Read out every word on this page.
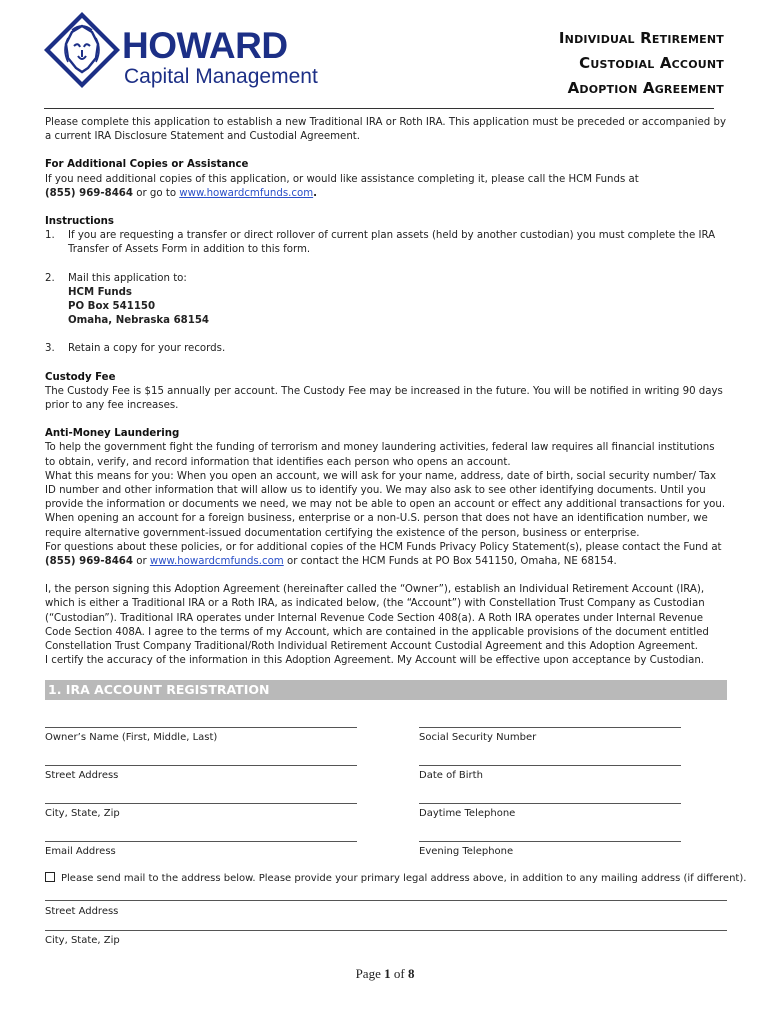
HOWARD
Capital Management
Individual Retirement
Custodial Account
Adoption Agreement

Please complete this application to establish a new Traditional IRA or Roth IRA. This application must be preceded or accompanied by a current IRA Disclosure Statement and Custodial Agreement.

For Additional Copies or Assistance

If you need additional copies of this application, or would like assistance completing it, please call the HCM Funds at
(855) 969-8464 or go to www.howardcmfunds.com.

Instructions

1. If you are requesting a transfer or direct rollover of current plan assets (held by another custodian) you must complete the IRA Transfer of Assets Form in addition to this form.
2. Mail this application to:
HCM Funds
PO Box 541150
Omaha, Nebraska 68154
3. Retain a copy for your records.

Custody Fee

The Custody Fee is $15 annually per account. The Custody Fee may be increased in the future. You will be notified in writing 90 days prior to any fee increases.

Anti-Money Laundering

To help the government fight the funding of terrorism and money laundering activities, federal law requires all financial institutions to obtain, verify, and record information that identifies each person who opens an account.

What this means for you: When you open an account, we will ask for your name, address, date of birth, social security number/ Tax ID number and other information that will allow us to identify you. We may also ask to see other identifying documents. Until you provide the information or documents we need, we may not be able to open an account or effect any additional transactions for you.

When opening an account for a foreign business, enterprise or a non-U.S. person that does not have an identification number, we require alternative government-issued documentation certifying the existence of the person, business or enterprise.

For questions about these policies, or for additional copies of the HCM Funds Privacy Policy Statement(s), please contact the Fund at
(855) 969-8464 or www.howardcmfunds.com or contact the HCM Funds at PO Box 541150, Omaha, NE 68154.

I, the person signing this Adoption Agreement (hereinafter called the “Owner”), establish an Individual Retirement Account (IRA), which is either a Traditional IRA or a Roth IRA, as indicated below, (the “Account”) with Constellation Trust Company as Custodian (“Custodian”). Traditional IRA operates under Internal Revenue Code Section 408(a). A Roth IRA operates under Internal Revenue Code Section 408A. I agree to the terms of my Account, which are contained in the applicable provisions of the document entitled Constellation Trust Company Traditional/Roth Individual Retirement Account Custodial Agreement and this Adoption Agreement.

I certify the accuracy of the information in this Adoption Agreement. My Account will be effective upon acceptance by Custodian.

1. IRA ACCOUNT REGISTRATION
Owner’s Name (First, Middle, Last)	Social Security Number
Street Address	Date of Birth
City, State, Zip	Daytime Telephone
Email Address	Evening Telephone
Please send mail to the address below. Please provide your primary legal address above, in addition to any mailing address (if different).
Street Address
City, State, Zip
Page 1 of 8
